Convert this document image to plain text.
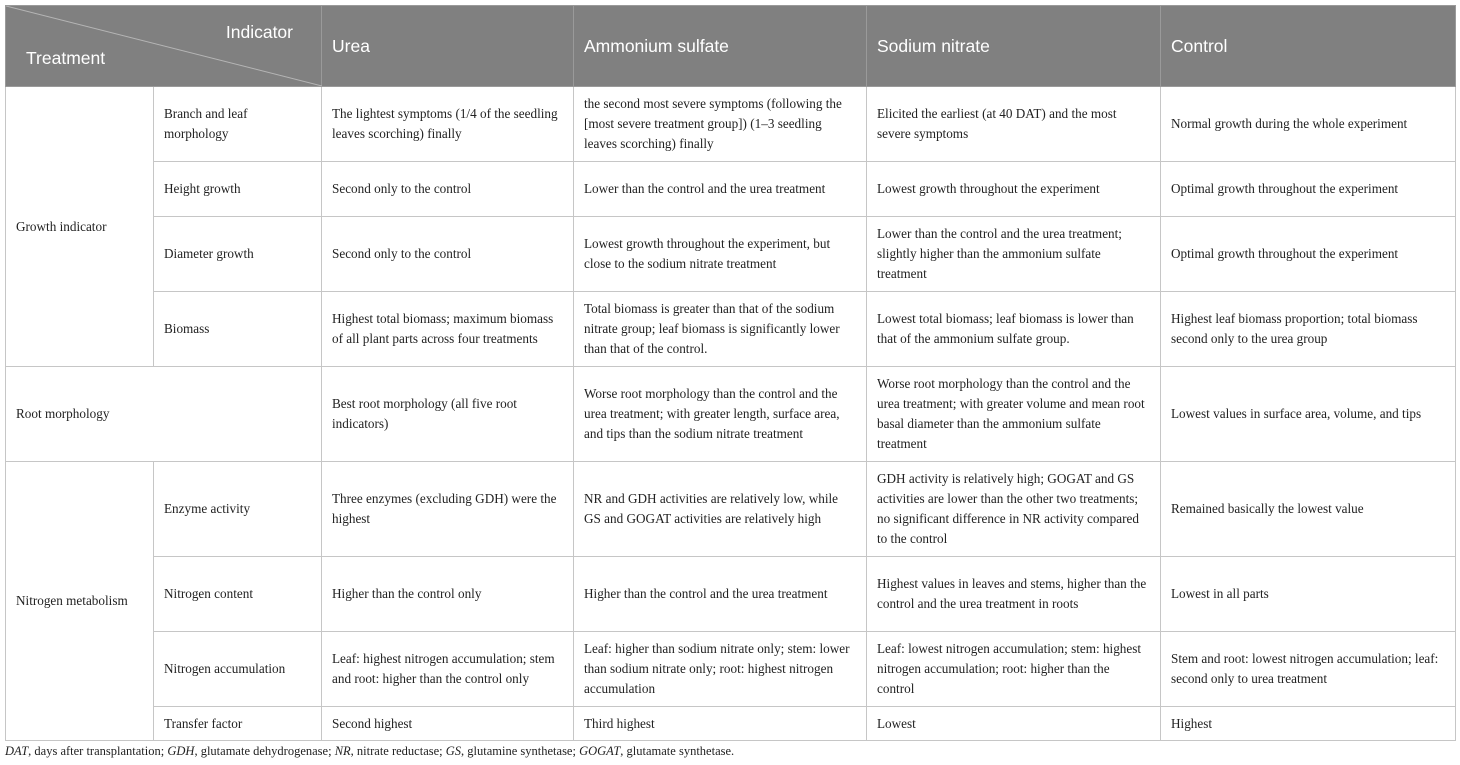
Indicator
Treatment		Urea	Ammonium sulfate	Sodium nitrate	Control
Growth indicator	Branch and leaf morphology	The lightest symptoms (1/4 of the seedling leaves scorching) finally	the second most severe symptoms (following the [most severe treatment group]) (1–3 seedling leaves scorching) finally	Elicited the earliest (at 40 DAT) and the most severe symptoms	Normal growth during the whole experiment
	Height growth	Second only to the control	Lower than the control and the urea treatment	Lowest growth throughout the experiment	Optimal growth throughout the experiment
	Diameter growth	Second only to the control	Lowest growth throughout the experiment, but close to the sodium nitrate treatment	Lower than the control and the urea treatment; slightly higher than the ammonium sulfate treatment	Optimal growth throughout the experiment
	Biomass	Highest total biomass; maximum biomass of all plant parts across four treatments	Total biomass is greater than that of the sodium nitrate group; leaf biomass is significantly lower than that of the control.	Lowest total biomass; leaf biomass is lower than that of the ammonium sulfate group.	Highest leaf biomass proportion; total biomass second only to the urea group
Root morphology		Best root morphology (all five root indicators)	Worse root morphology than the control and the urea treatment; with greater length, surface area, and tips than the sodium nitrate treatment	Worse root morphology than the control and the urea treatment; with greater volume and mean root basal diameter than the ammonium sulfate treatment	Lowest values in surface area, volume, and tips
Nitrogen metabolism	Enzyme activity	Three enzymes (excluding GDH) were the highest	NR and GDH activities are relatively low, while GS and GOGAT activities are relatively high	GDH activity is relatively high; GOGAT and GS activities are lower than the other two treatments; no significant difference in NR activity compared to the control	Remained basically the lowest value
	Nitrogen content	Higher than the control only	Higher than the control and the urea treatment	Highest values in leaves and stems, higher than the control and the urea treatment in roots	Lowest in all parts
	Nitrogen accumulation	Leaf: highest nitrogen accumulation; stem and root: higher than the control only	Leaf: higher than sodium nitrate only; stem: lower than sodium nitrate only; root: highest nitrogen accumulation	Leaf: lowest nitrogen accumulation; stem: highest nitrogen accumulation; root: higher than the control	Stem and root: lowest nitrogen accumulation; leaf: second only to urea treatment
	Transfer factor	Second highest	Third highest	Lowest	Highest
DAT, days after transplantation; GDH, glutamate dehydrogenase; NR, nitrate reductase; GS, glutamine synthetase; GOGAT, glutamate synthetase.
